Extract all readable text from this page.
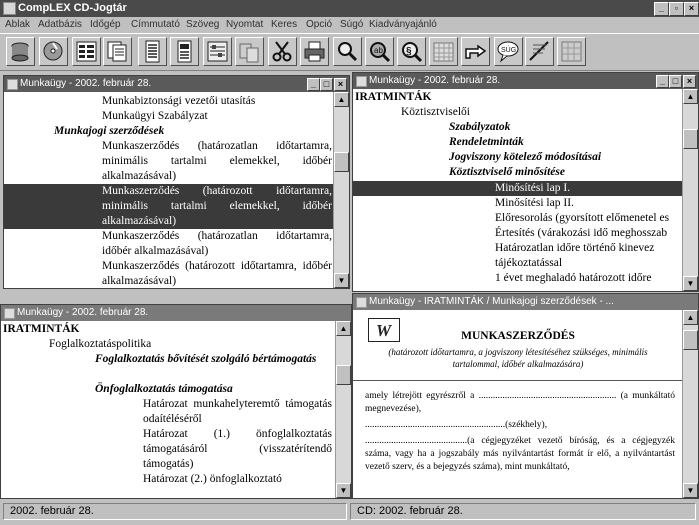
CompLEX CD-Jogtár	_	▫	×
Ablak Adatbázis Időgép Címmutató Szöveg Nyomtat Keres Opció Súgó Kiadványajánló
ab §	SÚG
Munkaügy - 2002. február 28.	_ □ ×
Munkabiztonsági vezetői utasítás
Munkaügyi Szabályzat
Munkajogi szerződések
Munkaszerződés (határozatlan időtartamra, minimális tartalmi elemekkel, időbér alkalmazásával)
Munkaszerződés (határozott időtartamra, minimális tartalmi elemekkel, időbér alkalmazásával)
Munkaszerződés (határozatlan időtartamra, időbér alkalmazásával)
Munkaszerződés (határozott időtartamra, időbér alkalmazásával)
▲
▼
Munkaügy - 2002. február 28.	_ □ ×
IRATMINTÁK
Köztisztviselői
Szabályzatok
Rendeletminták
Jogviszony kötelező módosításai
Köztisztviselő minősítése
Minősítési lap I.
Minősítési lap II.
Előresorolás (gyorsított előmenetel es
Értesítés (várakozási idő meghosszab
Határozatlan időre történő kinevez
tájékoztatással
1 évet meghaladó határozott időre
▲
▼
Munkaügy - 2002. február 28.
IRATMINTÁK
Foglalkoztatáspolitika
Foglalkoztatás bővítését szolgáló bértámogatás
Önfoglalkoztatás támogatása
Határozat munkahelyteremtő támogatás odaítéléséről
Határozat (1.) önfoglalkoztatás támogatásáról (visszatérítendő támogatás)
Határozat (2.) önfoglalkoztató
▲
▼
Munkaügy - IRATMINTÁK / Munkajogi szerződések - ...
W	MUNKASZERZŐDÉS
(határozott időtartamra, a jogviszony létesítéséhez szükséges, minimális tartalommal, időbér alkalmazására)
amely létrejött egyrészről a .......................................................... (a munkáltató megnevezése),
...........................................................(székhely),
...........................................(a cégjegyzéket vezető bíróság, és a cégjegyzék száma, vagy ha a jogszabály más nyilvántartást formát ír elő, a nyilvántartást vezető szerv, és a bejegyzés száma), mint munkáltató,
▲
▼
2002. február 28.	CD: 2002. február 28.
